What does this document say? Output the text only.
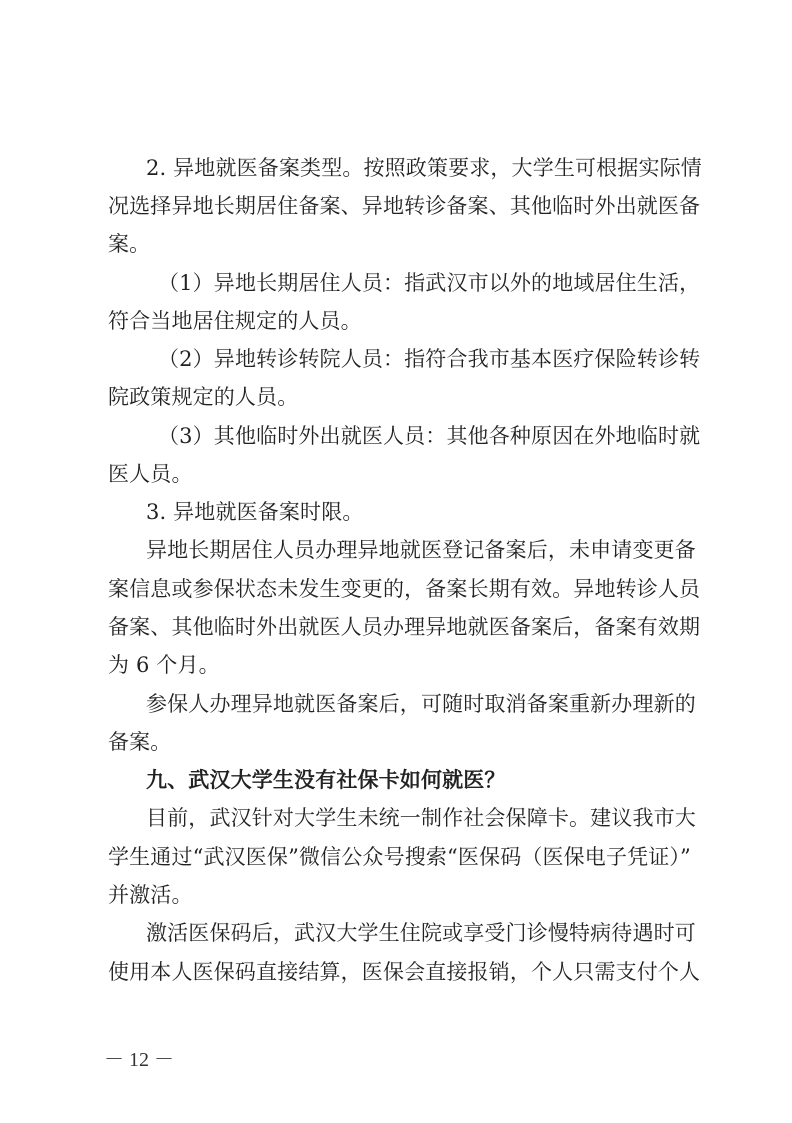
2. 异地就医备案类型。按照政策要求，大学生可根据实际情
况选择异地长期居住备案、异地转诊备案、其他临时外出就医备
案。
（1）异地长期居住人员：指武汉市以外的地域居住生活，
符合当地居住规定的人员。
（2）异地转诊转院人员：指符合我市基本医疗保险转诊转
院政策规定的人员。
（3）其他临时外出就医人员：其他各种原因在外地临时就
医人员。
3. 异地就医备案时限。
异地长期居住人员办理异地就医登记备案后，未申请变更备
案信息或参保状态未发生变更的，备案长期有效。异地转诊人员
备案、其他临时外出就医人员办理异地就医备案后，备案有效期
为 6 个月。
参保人办理异地就医备案后，可随时取消备案重新办理新的
备案。
九、武汉大学生没有社保卡如何就医？
目前，武汉针对大学生未统一制作社会保障卡。建议我市大
学生通过“武汉医保”微信公众号搜索“医保码（医保电子凭证）”
并激活。
激活医保码后，武汉大学生住院或享受门诊慢特病待遇时可
使用本人医保码直接结算，医保会直接报销，个人只需支付个人
－ 12 －
